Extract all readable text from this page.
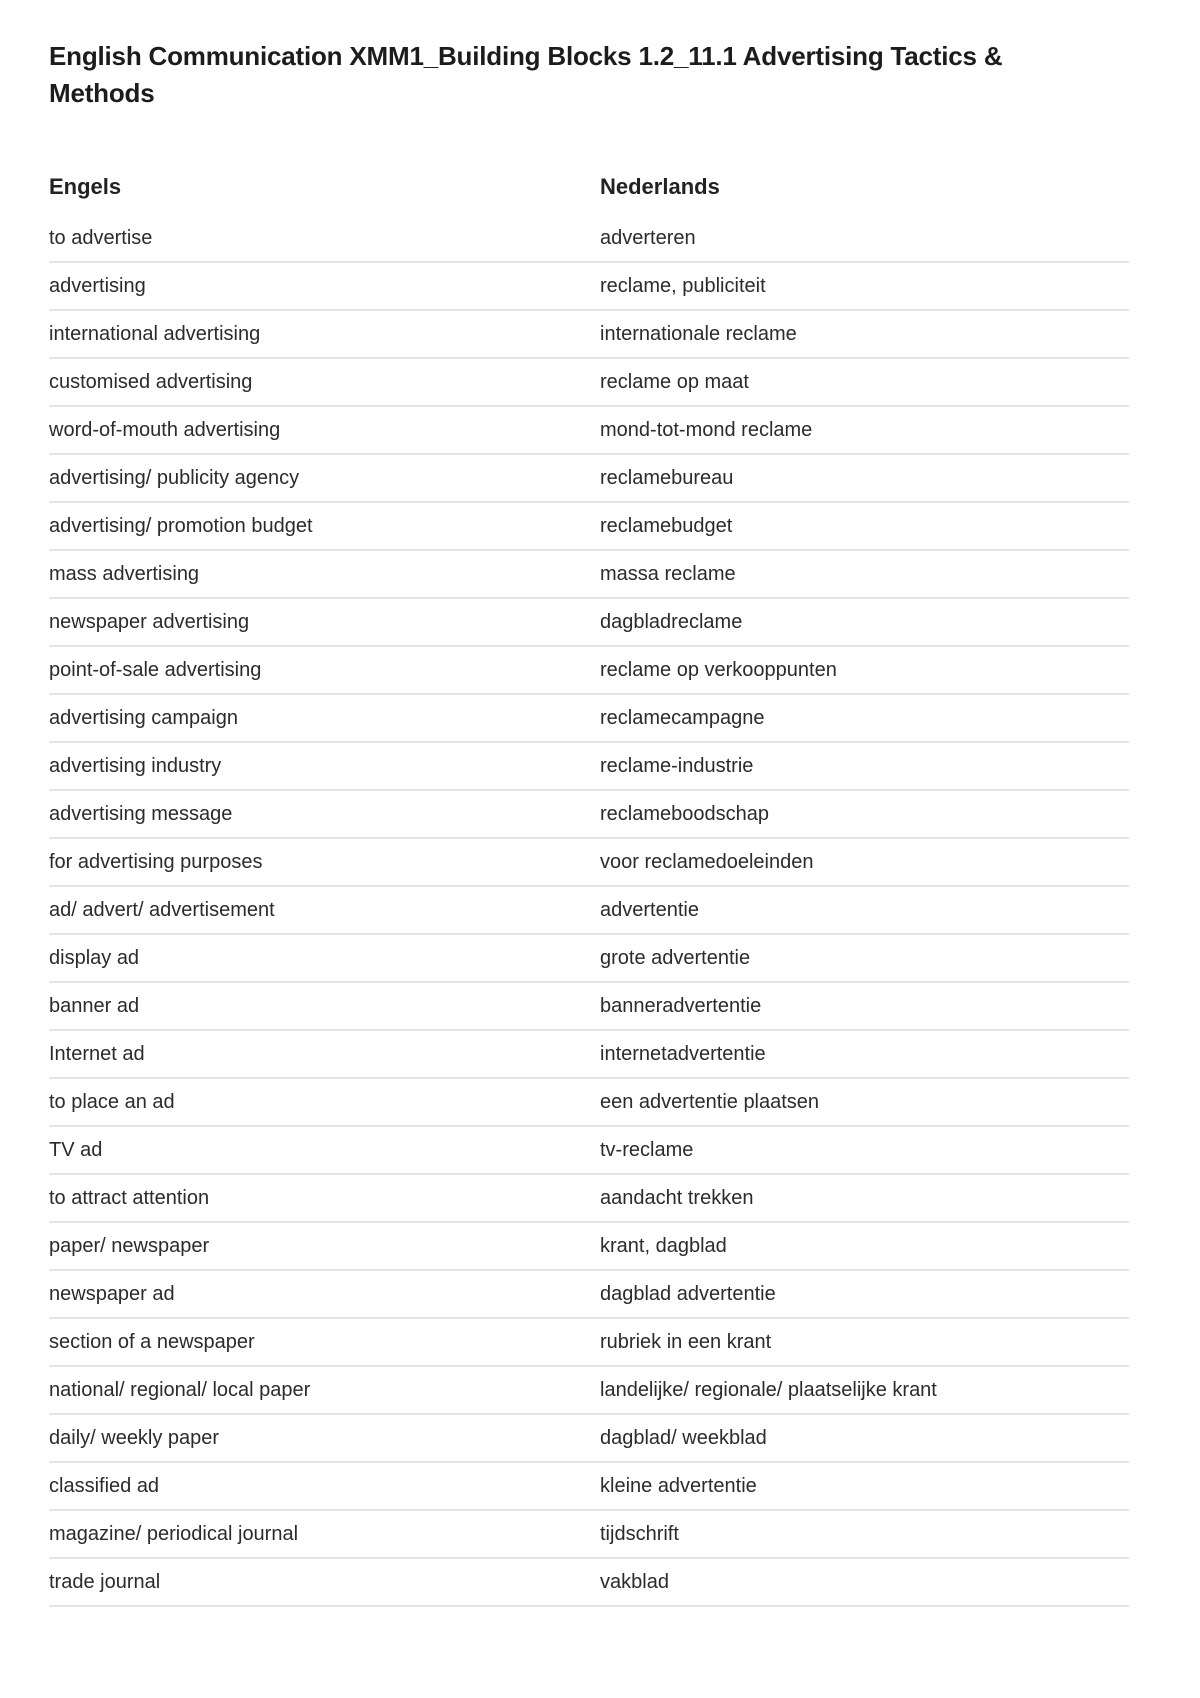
English Communication XMM1_Building Blocks 1.2_11.1 Advertising Tactics & Methods
Engels	Nederlands
to advertise	adverteren
advertising	reclame, publiciteit
international advertising	internationale reclame
customised advertising	reclame op maat
word-of-mouth advertising	mond-tot-mond reclame
advertising/ publicity agency	reclamebureau
advertising/ promotion budget	reclamebudget
mass advertising	massa reclame
newspaper advertising	dagbladreclame
point-of-sale advertising	reclame op verkooppunten
advertising campaign	reclamecampagne
advertising industry	reclame-industrie
advertising message	reclameboodschap
for advertising purposes	voor reclamedoeleinden
ad/ advert/ advertisement	advertentie
display ad	grote advertentie
banner ad	banneradvertentie
Internet ad	internetadvertentie
to place an ad	een advertentie plaatsen
TV ad	tv-reclame
to attract attention	aandacht trekken
paper/ newspaper	krant, dagblad
newspaper ad	dagblad advertentie
section of a newspaper	rubriek in een krant
national/ regional/ local paper	landelijke/ regionale/ plaatselijke krant
daily/ weekly paper	dagblad/ weekblad
classified ad	kleine advertentie
magazine/ periodical journal	tijdschrift
trade journal	vakblad
